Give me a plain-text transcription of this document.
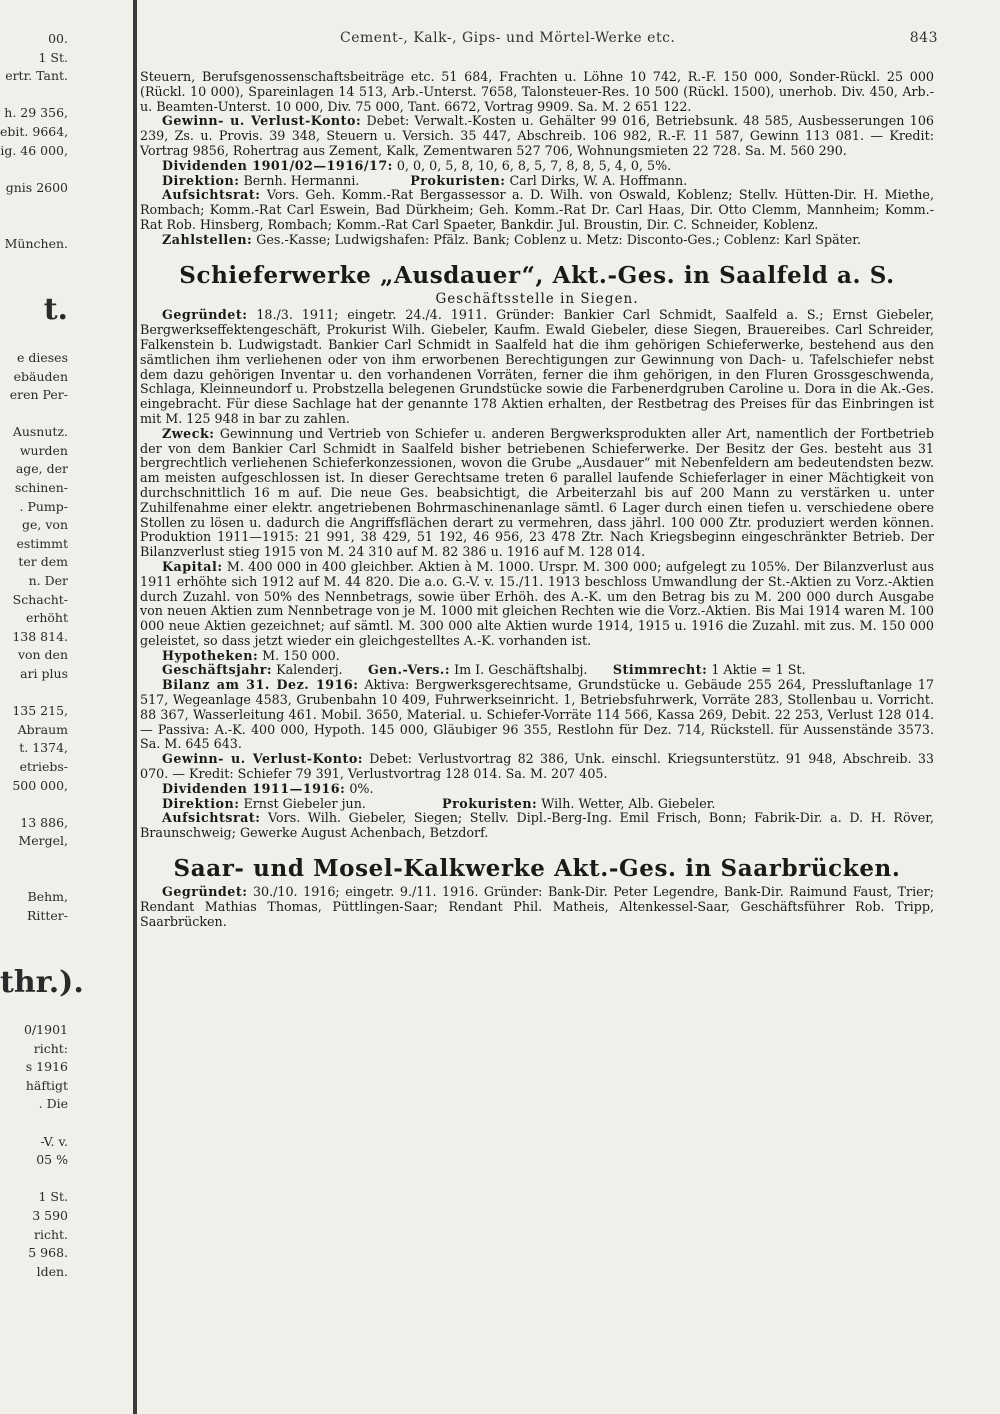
00.
1 St.
ertr. Tant.

h. 29 356,
ebit. 9664,
ig. 46 000,

gnis 2600

München.

t.

e dieses
ebäuden
eren Per-

Ausnutz.
wurden
age, der
schinen-
. Pump-
ge, von
estimmt
ter dem
n. Der
Schacht-
erhöht
138 814.
von den
ari plus

135 215,
Abraum
t. 1374,
etriebs-
500 000,

13 886,
Mergel,

Behm,
Ritter-

thr.).

0/1901
richt:
s 1916
häftigt
. Die

-V. v.
05 %

1 St.
3 590
richt.
5 968.
lden.
Cement-, Kalk-, Gips- und Mörtel-Werke etc.	843

Steuern, Berufsgenossenschaftsbeiträge etc. 51 684, Frachten u. Löhne 10 742, R.-F. 150 000, Sonder-Rückl. 25 000 (Rückl. 10 000), Spareinlagen 14 513, Arb.-Unterst. 7658, Talonsteuer-Res. 10 500 (Rückl. 1500), unerhob. Div. 450, Arb.- u. Beamten-Unterst. 10 000, Div. 75 000, Tant. 6672, Vortrag 9909. Sa. M. 2 651 122.

Gewinn- u. Verlust-Konto: Debet: Verwalt.-Kosten u. Gehälter 99 016, Betriebsunk. 48 585, Ausbesserungen 106 239, Zs. u. Provis. 39 348, Steuern u. Versich. 35 447, Abschreib. 106 982, R.-F. 11 587, Gewinn 113 081. — Kredit: Vortrag 9856, Rohertrag aus Zement, Kalk, Zementwaren 527 706, Wohnungsmieten 22 728. Sa. M. 560 290.

Dividenden 1901/02—1916/17: 0, 0, 0, 5, 8, 10, 6, 8, 5, 7, 8, 8, 5, 4, 0, 5%.

Direktion: Bernh. Hermanni.    	Prokuristen: Carl Dirks, W. A. Hoffmann.

Aufsichtsrat: Vors. Geh. Komm.-Rat Bergassessor a. D. Wilh. von Oswald, Koblenz; Stellv. Hütten-Dir. H. Miethe, Rombach; Komm.-Rat Carl Eswein, Bad Dürkheim; Geh. Komm.-Rat Dr. Carl Haas, Dir. Otto Clemm, Mannheim; Komm.-Rat Rob. Hinsberg, Rombach; Komm.-Rat Carl Spaeter, Bankdir. Jul. Broustin, Dir. C. Schneider, Koblenz.

Zahlstellen: Ges.-Kasse; Ludwigshafen: Pfälz. Bank; Coblenz u. Metz: Disconto-Ges.; Coblenz: Karl Später.

Schieferwerke „Ausdauer“, Akt.-Ges. in Saalfeld a. S.
Geschäftsstelle in Siegen.

Gegründet: 18./3. 1911; eingetr. 24./4. 1911. Gründer: Bankier Carl Schmidt, Saalfeld a. S.; Ernst Giebeler, Bergwerkseffektengeschäft, Prokurist Wilh. Giebeler, Kaufm. Ewald Giebeler, diese Siegen, Brauereibes. Carl Schreider, Falkenstein b. Ludwigstadt. Bankier Carl Schmidt in Saalfeld hat die ihm gehörigen Schieferwerke, bestehend aus den sämtlichen ihm verliehenen oder von ihm erworbenen Berechtigungen zur Gewinnung von Dach- u. Tafelschiefer nebst dem dazu gehörigen Inventar u. den vorhandenen Vorräten, ferner die ihm gehörigen, in den Fluren Grossgeschwenda, Schlaga, Kleinneundorf u. Probstzella belegenen Grundstücke sowie die Farbenerdgruben Caroline u. Dora in die Ak.-Ges. eingebracht. Für diese Sachlage hat der genannte 178 Aktien erhalten, der Restbetrag des Preises für das Einbringen ist mit M. 125 948 in bar zu zahlen.

Zweck: Gewinnung und Vertrieb von Schiefer u. anderen Bergwerksprodukten aller Art, namentlich der Fortbetrieb der von dem Bankier Carl Schmidt in Saalfeld bisher betriebenen Schieferwerke. Der Besitz der Ges. besteht aus 31 bergrechtlich verliehenen Schieferkonzessionen, wovon die Grube „Ausdauer“ mit Nebenfeldern am bedeutendsten bezw. am meisten aufgeschlossen ist. In dieser Gerechtsame treten 6 parallel laufende Schieferlager in einer Mächtigkeit von durchschnittlich 16 m auf. Die neue Ges. beabsichtigt, die Arbeiterzahl bis auf 200 Mann zu verstärken u. unter Zuhilfenahme einer elektr. angetriebenen Bohrmaschinenanlage sämtl. 6 Lager durch einen tiefen u. verschiedene obere Stollen zu lösen u. dadurch die Angriffsflächen derart zu vermehren, dass jährl. 100 000 Ztr. produziert werden können. Produktion 1911—1915: 21 991, 38 429, 51 192, 46 956, 23 478 Ztr. Nach Kriegsbeginn eingeschränkter Betrieb. Der Bilanzverlust stieg 1915 von M. 24 310 auf M. 82 386 u. 1916 auf M. 128 014.

Kapital: M. 400 000 in 400 gleichber. Aktien à M. 1000. Urspr. M. 300 000; aufgelegt zu 105%. Der Bilanzverlust aus 1911 erhöhte sich 1912 auf M. 44 820. Die a.o. G.-V. v. 15./11. 1913 beschloss Umwandlung der St.-Aktien zu Vorz.-Aktien durch Zuzahl. von 50% des Nennbetrags, sowie über Erhöh. des A.-K. um den Betrag bis zu M. 200 000 durch Ausgabe von neuen Aktien zum Nennbetrage von je M. 1000 mit gleichen Rechten wie die Vorz.-Aktien. Bis Mai 1914 waren M. 100 000 neue Aktien gezeichnet; auf sämtl. M. 300 000 alte Aktien wurde 1914, 1915 u. 1916 die Zuzahl. mit zus. M. 150 000 geleistet, so dass jetzt wieder ein gleichgestelltes A.-K. vorhanden ist.

Hypotheken: M. 150 000.

Geschäftsjahr: Kalenderj.   Gen.-Vers.: Im I. Geschäftshalbj.   Stimmrecht: 1 Aktie = 1 St.

Bilanz am 31. Dez. 1916: Aktiva: Bergwerksgerechtsame, Grundstücke u. Gebäude 255 264, Pressluftanlage 17 517, Wegeanlage 4583, Grubenbahn 10 409, Fuhrwerkseinricht. 1, Betriebsfuhrwerk, Vorräte 283, Stollenbau u. Vorricht. 88 367, Wasserleitung 461. Mobil. 3650, Material. u. Schiefer-Vorräte 114 566, Kassa 269, Debit. 22 253, Verlust 128 014. — Passiva: A.-K. 400 000, Hypoth. 145 000, Gläubiger 96 355, Restlohn für Dez. 714, Rückstell. für Aussenstände 3573. Sa. M. 645 643.

Gewinn- u. Verlust-Konto: Debet: Verlustvortrag 82 386, Unk. einschl. Kriegsunterstütz. 91 948, Abschreib. 33 070. — Kredit: Schiefer 79 391, Verlustvortrag 128 014. Sa. M. 207 405.

Dividenden 1911—1916: 0%.

Direktion: Ernst Giebeler jun.      	Prokuristen: Wilh. Wetter, Alb. Giebeler.

Aufsichtsrat: Vors. Wilh. Giebeler, Siegen; Stellv. Dipl.-Berg-Ing. Emil Frisch, Bonn; Fabrik-Dir. a. D. H. Röver, Braunschweig; Gewerke August Achenbach, Betzdorf.

Saar- und Mosel-Kalkwerke Akt.-Ges. in Saarbrücken.

Gegründet: 30./10. 1916; eingetr. 9./11. 1916. Gründer: Bank-Dir. Peter Legendre, Bank-Dir. Raimund Faust, Trier; Rendant Mathias Thomas, Püttlingen-Saar; Rendant Phil. Matheis, Altenkessel-Saar, Geschäftsführer Rob. Tripp, Saarbrücken.
